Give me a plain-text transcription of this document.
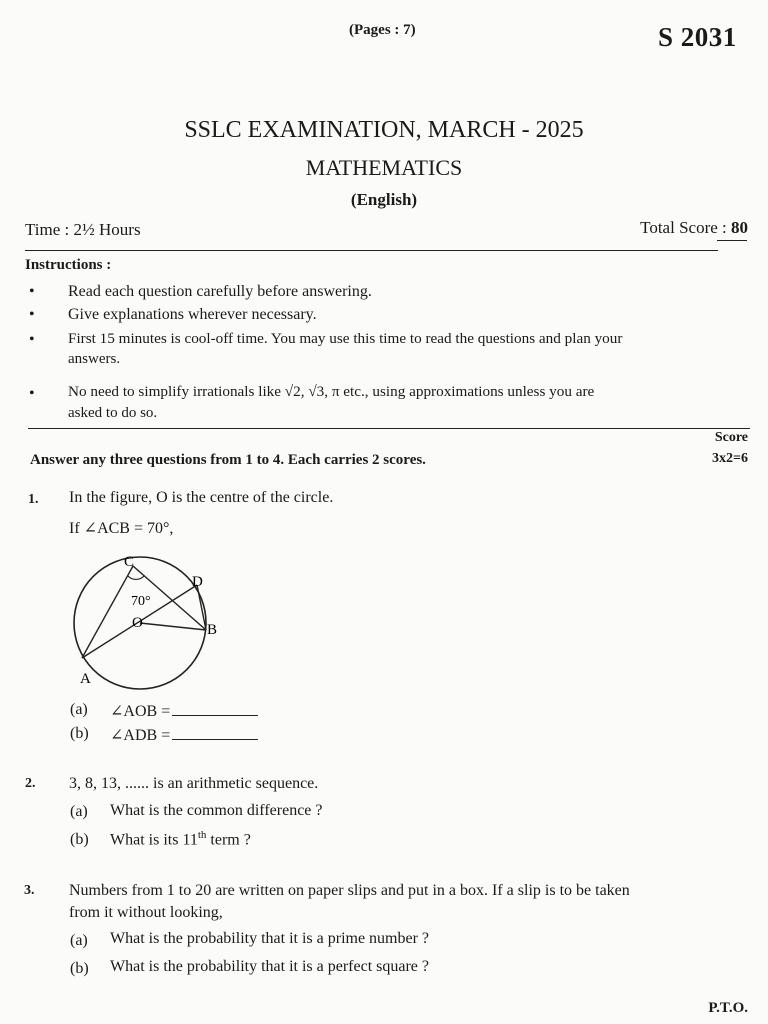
(Pages : 7)	S 2031
SSLC EXAMINATION, MARCH - 2025
MATHEMATICS
(English)
Time : 2½ Hours	Total Score : 80
Instructions :
• Read each question carefully before answering.
• Give explanations wherever necessary.
• First 15 minutes is cool-off time. You may use this time to read the questions and plan your
answers.
• No need to simplify irrationals like √2, √3, π etc., using approximations unless you are
asked to do so.
Score
3x2=6
Answer any three questions from 1 to 4. Each carries 2 scores.
1. In the figure, O is the centre of the circle.
If ∠ACB = 70°,
C
D
O	B
A
70°
(a) ∠AOB =
(b) ∠ADB =
2. 3, 8, 13, ...... is an arithmetic sequence.
(a) What is the common difference ?
(b) What is its 11th term ?
3. Numbers from 1 to 20 are written on paper slips and put in a box. If a slip is to be taken
from it without looking,
(a) What is the probability that it is a prime number ?
(b) What is the probability that it is a perfect square ?
P.T.O.
